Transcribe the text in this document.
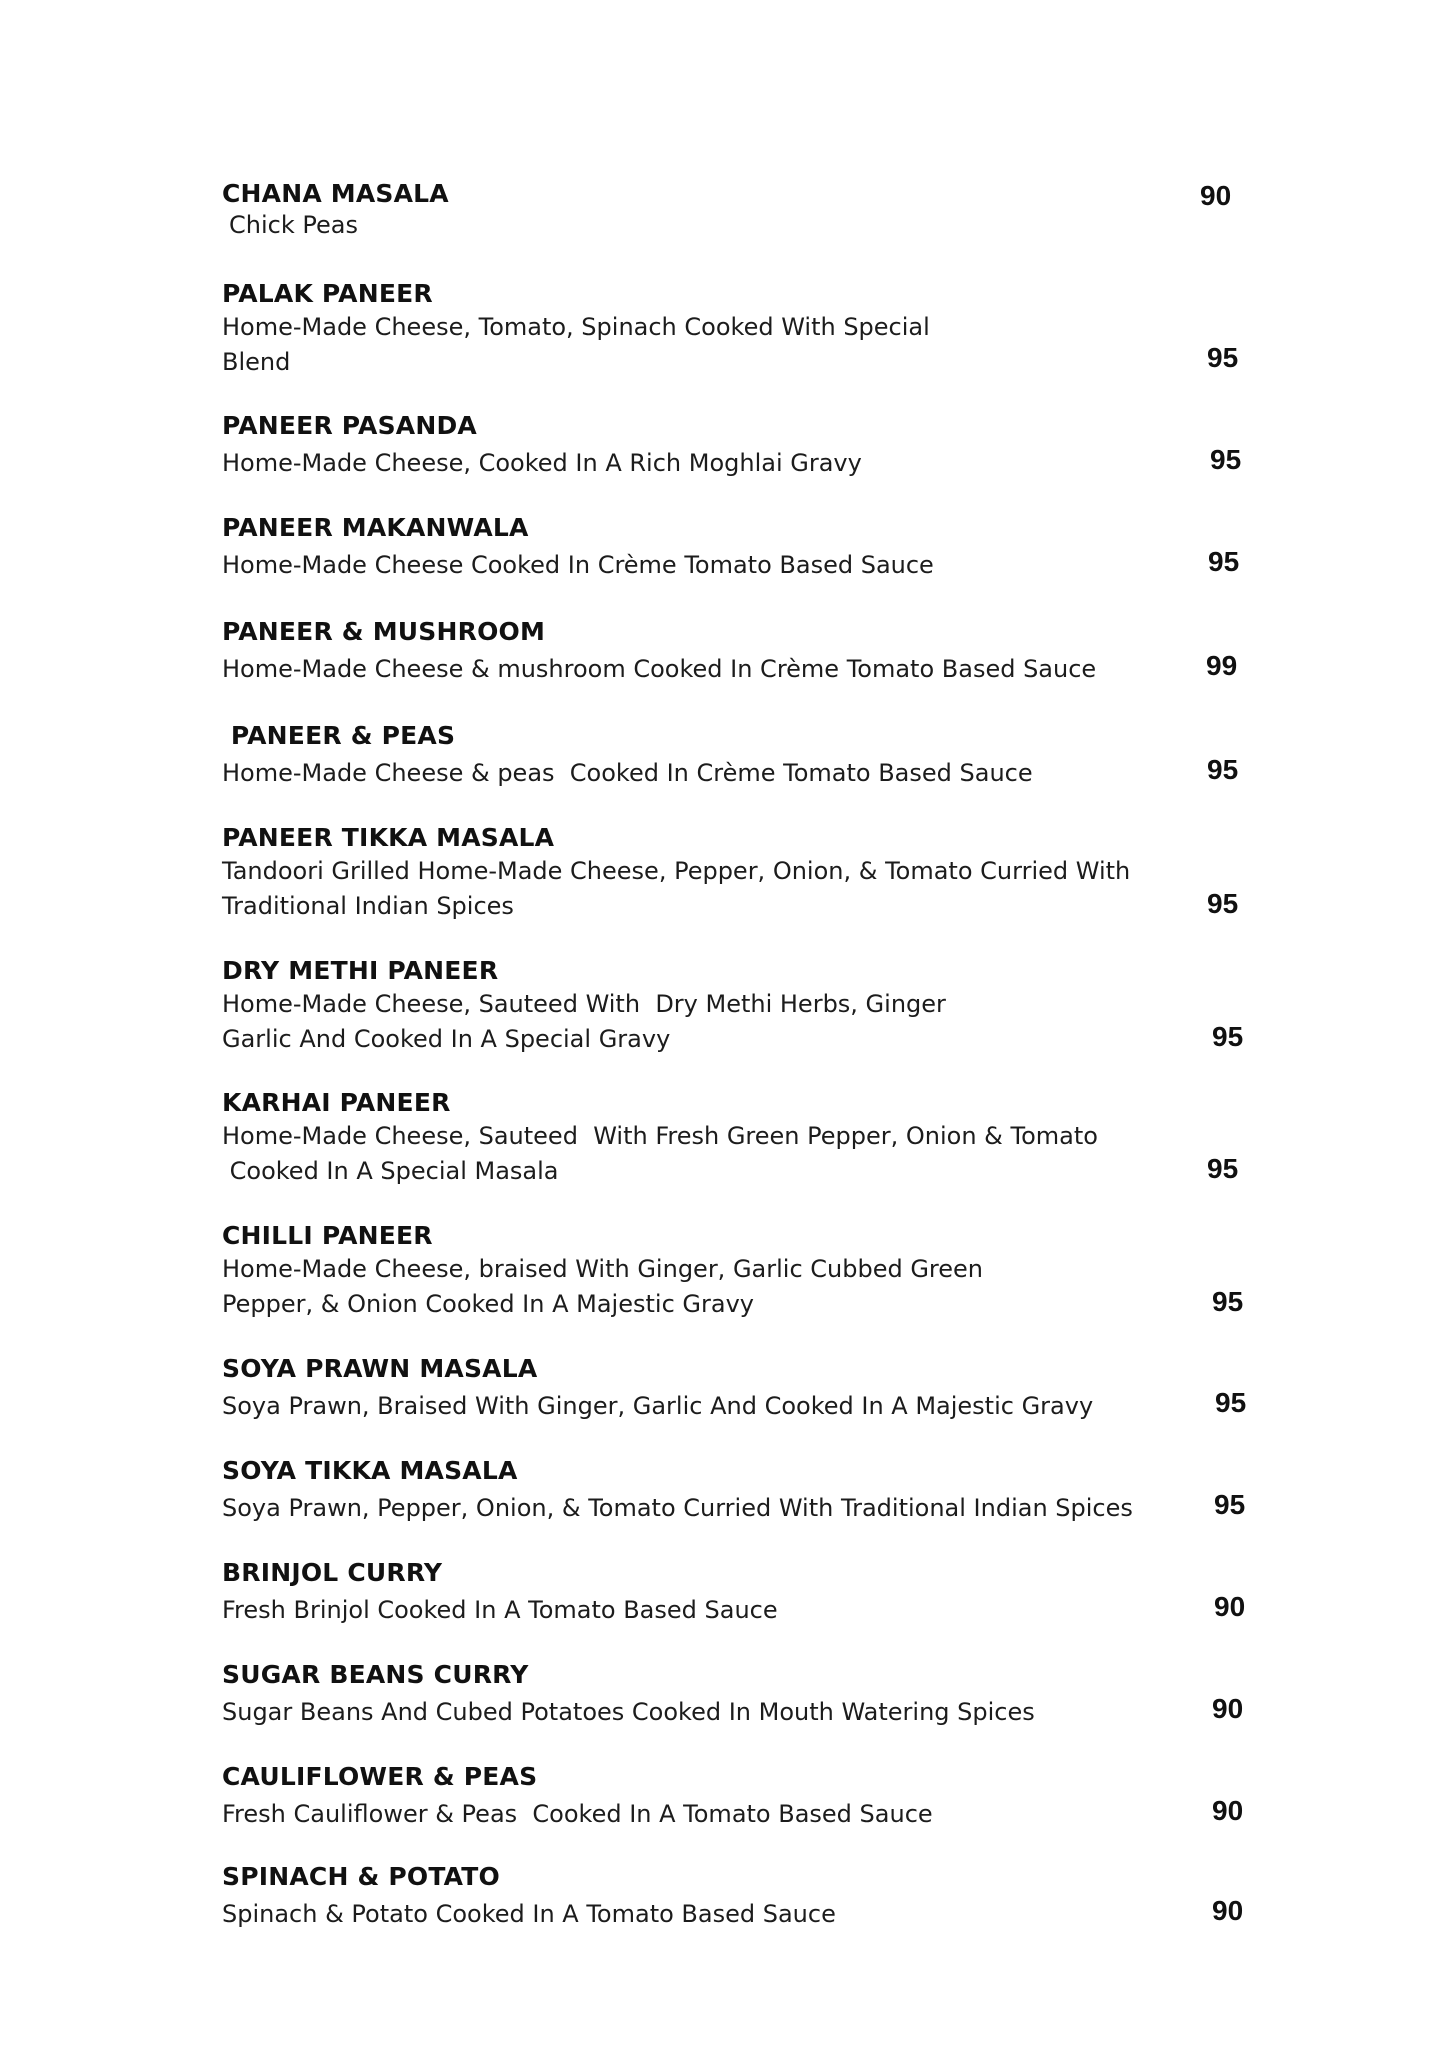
CHANA MASALA
Chick Peas
90
PALAK PANEER
Home-Made Cheese, Tomato, Spinach Cooked With Special
Blend	95
PANEER PASANDA
Home-Made Cheese, Cooked In A Rich Moghlai Gravy	95
PANEER MAKANWALA
Home-Made Cheese Cooked In Crème Tomato Based Sauce	95
PANEER & MUSHROOM
Home-Made Cheese & mushroom Cooked In Crème Tomato Based Sauce	99
PANEER & PEAS
Home-Made Cheese & peas  Cooked In Crème Tomato Based Sauce	95
PANEER TIKKA MASALA
Tandoori Grilled Home-Made Cheese, Pepper, Onion, & Tomato Curried With
Traditional Indian Spices	95
DRY METHI PANEER
Home-Made Cheese, Sauteed With  Dry Methi Herbs, Ginger
Garlic And Cooked In A Special Gravy	95
KARHAI PANEER
Home-Made Cheese, Sauteed  With Fresh Green Pepper, Onion & Tomato
Cooked In A Special Masala	95
CHILLI PANEER
Home-Made Cheese, braised With Ginger, Garlic Cubbed Green
Pepper, & Onion Cooked In A Majestic Gravy	95
SOYA PRAWN MASALA
Soya Prawn, Braised With Ginger, Garlic And Cooked In A Majestic Gravy	95
SOYA TIKKA MASALA
Soya Prawn, Pepper, Onion, & Tomato Curried With Traditional Indian Spices	95
BRINJOL CURRY
Fresh Brinjol Cooked In A Tomato Based Sauce	90
SUGAR BEANS CURRY
Sugar Beans And Cubed Potatoes Cooked In Mouth Watering Spices	90
CAULIFLOWER & PEAS
Fresh Cauliflower & Peas  Cooked In A Tomato Based Sauce	90
SPINACH & POTATO
Spinach & Potato Cooked In A Tomato Based Sauce	90
